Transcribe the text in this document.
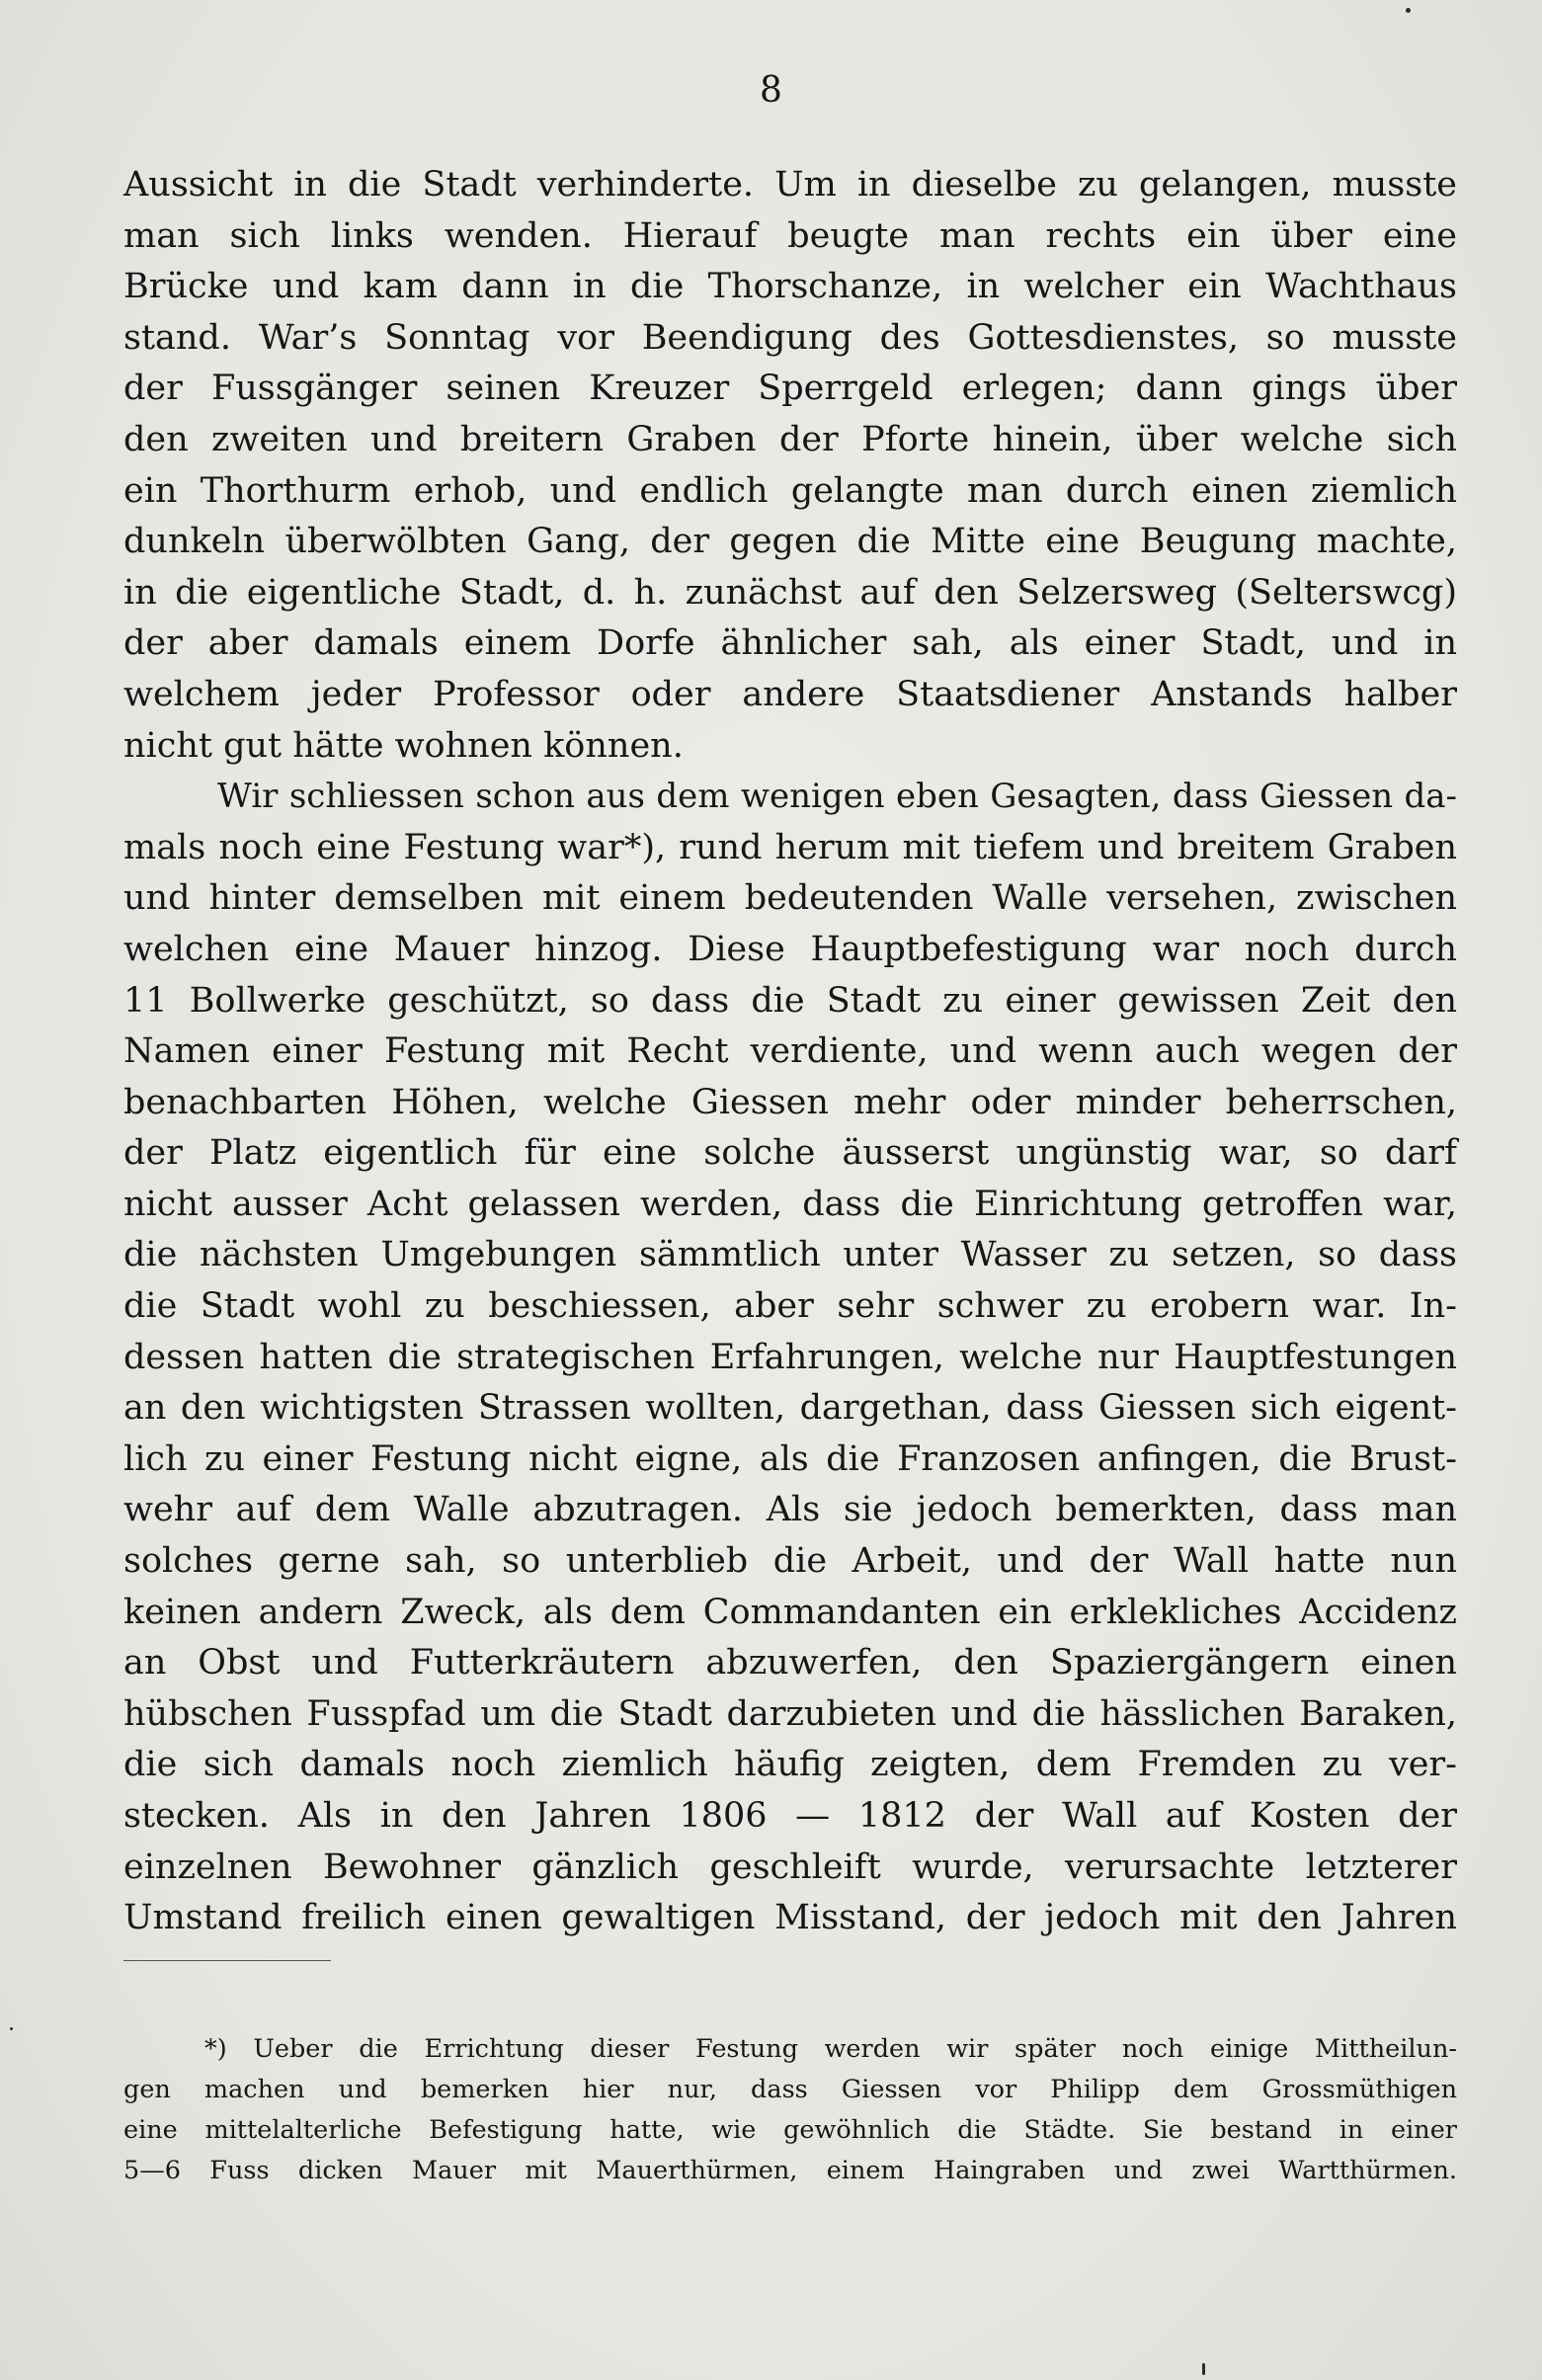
8
Aussicht in die Stadt verhinderte. Um in dieselbe zu gelangen, musste
man sich links wenden. Hierauf beugte man rechts ein über eine
Brücke und kam dann in die Thorschanze, in welcher ein Wachthaus
stand. War’s Sonntag vor Beendigung des Gottesdienstes, so musste
der Fussgänger seinen Kreuzer Sperrgeld erlegen; dann gings über
den zweiten und breitern Graben der Pforte hinein, über welche sich
ein Thorthurm erhob, und endlich gelangte man durch einen ziemlich
dunkeln überwölbten Gang, der gegen die Mitte eine Beugung machte,
in die eigentliche Stadt, d. h. zunächst auf den Selzersweg (Selterswcg)
der aber damals einem Dorfe ähnlicher sah, als einer Stadt, und in
welchem jeder Professor oder andere Staatsdiener Anstands halber
nicht gut hätte wohnen können.
Wir schliessen schon aus dem wenigen eben Gesagten, dass Giessen da-
mals noch eine Festung war*), rund herum mit tiefem und breitem Graben
und hinter demselben mit einem bedeutenden Walle versehen, zwischen
welchen eine Mauer hinzog. Diese Hauptbefestigung war noch durch
11 Bollwerke geschützt, so dass die Stadt zu einer gewissen Zeit den
Namen einer Festung mit Recht verdiente, und wenn auch wegen der
benachbarten Höhen, welche Giessen mehr oder minder beherrschen,
der Platz eigentlich für eine solche äusserst ungünstig war, so darf
nicht ausser Acht gelassen werden, dass die Einrichtung getroffen war,
die nächsten Umgebungen sämmtlich unter Wasser zu setzen, so dass
die Stadt wohl zu beschiessen, aber sehr schwer zu erobern war. In-
dessen hatten die strategischen Erfahrungen, welche nur Hauptfestungen
an den wichtigsten Strassen wollten, dargethan, dass Giessen sich eigent-
lich zu einer Festung nicht eigne, als die Franzosen anfingen, die Brust-
wehr auf dem Walle abzutragen. Als sie jedoch bemerkten, dass man
solches gerne sah, so unterblieb die Arbeit, und der Wall hatte nun
keinen andern Zweck, als dem Commandanten ein erklekliches Accidenz
an Obst und Futterkräutern abzuwerfen, den Spaziergängern einen
hübschen Fusspfad um die Stadt darzubieten und die hässlichen Baraken,
die sich damals noch ziemlich häufig zeigten, dem Fremden zu ver-
stecken. Als in den Jahren 1806 — 1812 der Wall auf Kosten der
einzelnen Bewohner gänzlich geschleift wurde, verursachte letzterer
Umstand freilich einen gewaltigen Misstand, der jedoch mit den Jahren
*) Ueber die Errichtung dieser Festung werden wir später noch einige Mittheilun-
gen machen und bemerken hier nur, dass Giessen vor Philipp dem Grossmüthigen
eine mittelalterliche Befestigung hatte, wie gewöhnlich die Städte. Sie bestand in einer
5—6 Fuss dicken Mauer mit Mauerthürmen, einem Haingraben und zwei Wartthürmen.
